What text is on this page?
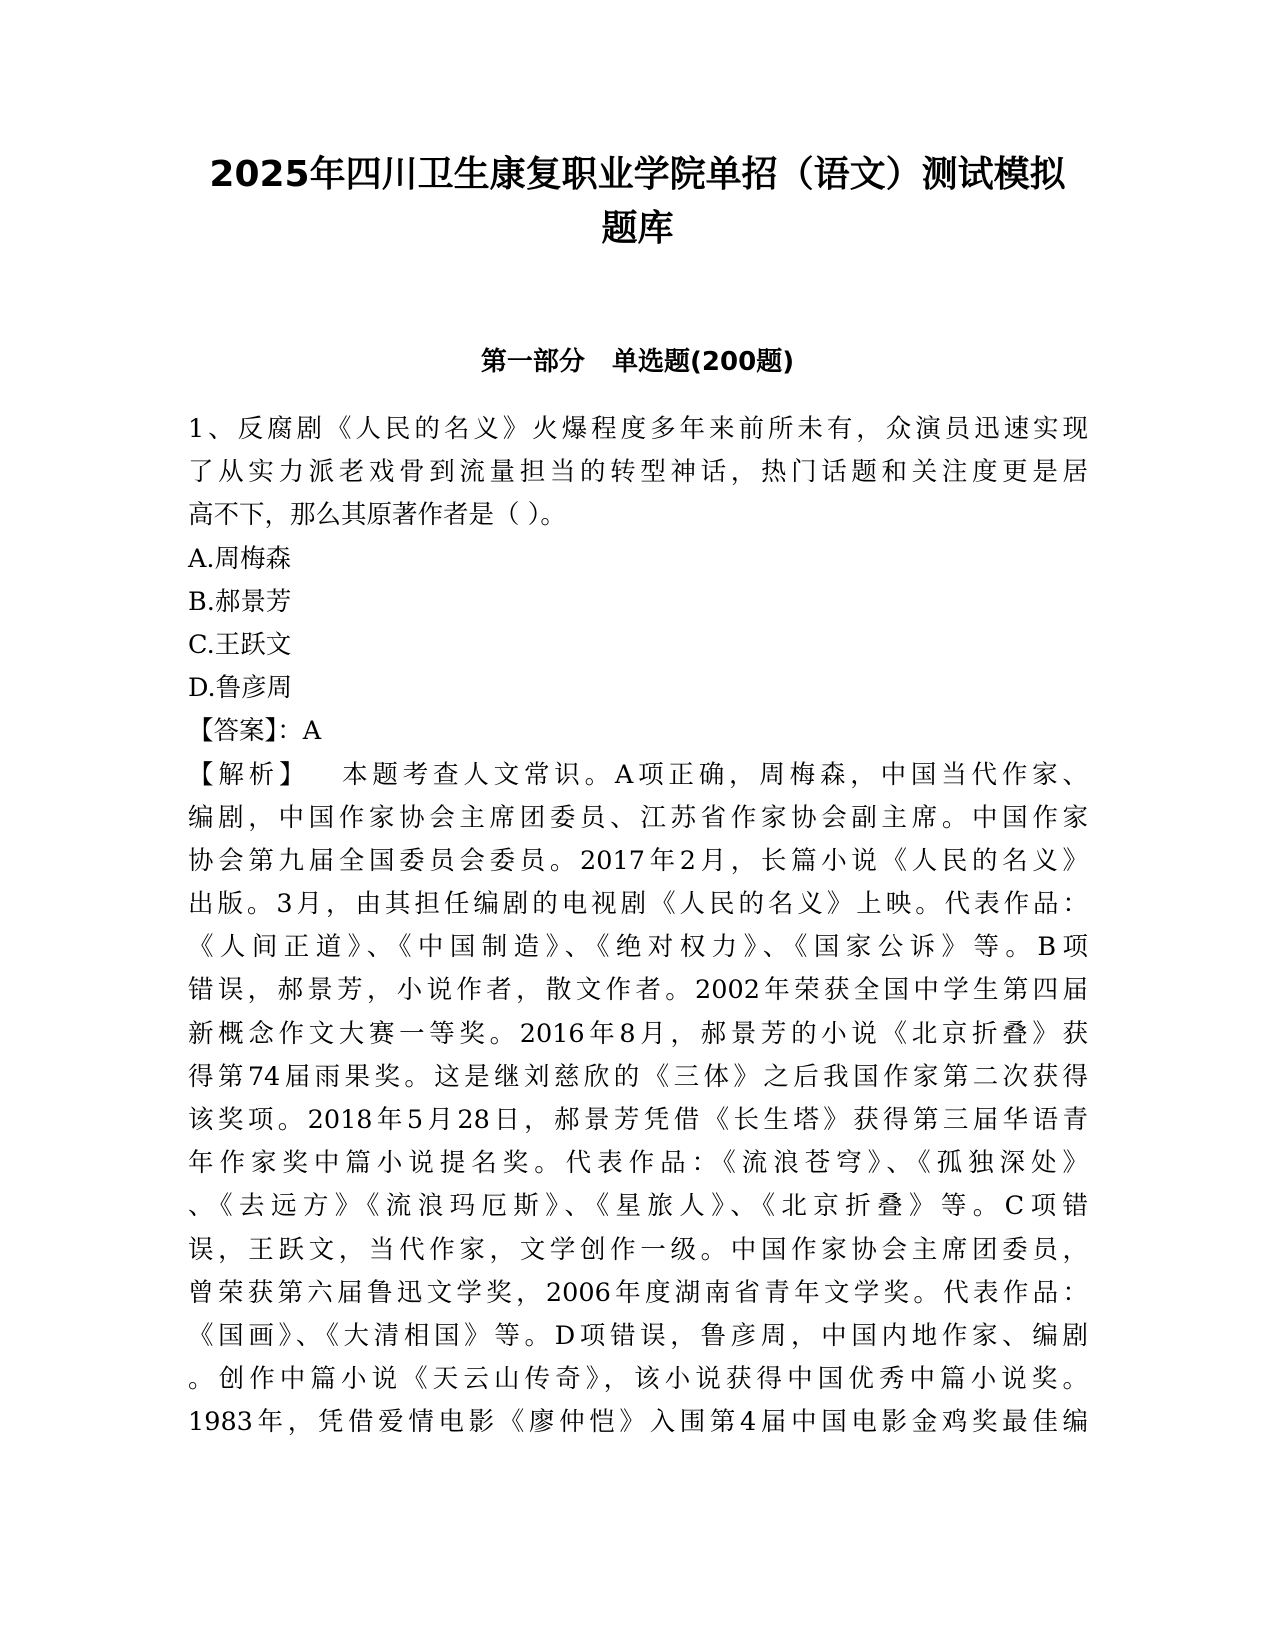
2025年四川卫生康复职业学院单招（语文）测试模拟
题库
第一部分   单选题(200题)
1、反腐剧《人民的名义》火爆程度多年来前所未有，众演员迅速实现
了从实力派老戏骨到流量担当的转型神话，热门话题和关注度更是居
高不下，那么其原著作者是（ ）。
A.周梅森
B.郝景芳
C.王跃文
D.鲁彦周
【答案】：A
【解析】 本题考查人文常识。A项正确，周梅森，中国当代作家、
编剧，中国作家协会主席团委员、江苏省作家协会副主席。中国作家
协会第九届全国委员会委员。2017年2月，长篇小说《人民的名义》
出版。3月，由其担任编剧的电视剧《人民的名义》上映。代表作品：
《人间正道》、《中国制造》、《绝对权力》、《国家公诉》等。B项
错误，郝景芳，小说作者，散文作者。2002年荣获全国中学生第四届
新概念作文大赛一等奖。2016年8月，郝景芳的小说《北京折叠》获
得第74届雨果奖。这是继刘慈欣的《三体》之后我国作家第二次获得
该奖项。2018年5月28日，郝景芳凭借《长生塔》获得第三届华语青
年作家奖中篇小说提名奖。代表作品：《流浪苍穹》、《孤独深处》
、《去远方》《流浪玛厄斯》、《星旅人》、《北京折叠》等。C项错
误，王跃文，当代作家，文学创作一级。中国作家协会主席团委员，
曾荣获第六届鲁迅文学奖，2006年度湖南省青年文学奖。代表作品：
《国画》、《大清相国》等。D项错误，鲁彦周，中国内地作家、编剧
。创作中篇小说《天云山传奇》，该小说获得中国优秀中篇小说奖。
1983年，凭借爱情电影《廖仲恺》入围第4届中国电影金鸡奖最佳编
